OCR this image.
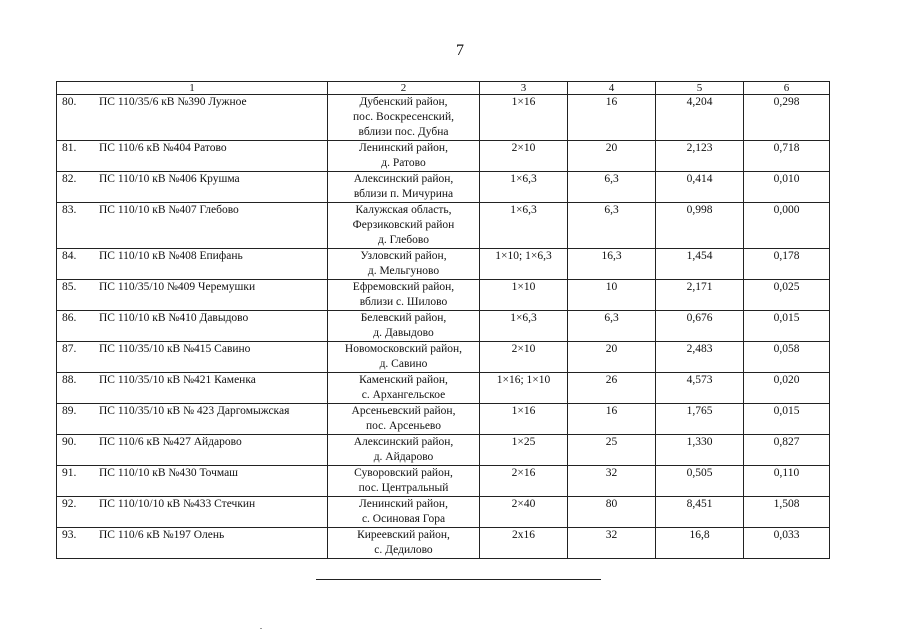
7
1	2	3	4	5	6
80. ПС 110/35/6 кВ №390 Лужное	Дубенский район,
пос. Воскресенский,
вблизи пос. Дубна	1×16	16	4,204	0,298
81. ПС 110/6 кВ №404 Ратово	Ленинский район,
д. Ратово	2×10	20	2,123	0,718
82. ПС 110/10 кВ №406 Крушма	Алексинский район,
вблизи п. Мичурина	1×6,3	6,3	0,414	0,010
83. ПС 110/10 кВ №407 Глебово	Калужская область,
Ферзиковский район
д. Глебово	1×6,3	6,3	0,998	0,000
84. ПС 110/10 кВ №408 Епифань	Узловский район,
д. Мельгуново	1×10; 1×6,3	16,3	1,454	0,178
85. ПС 110/35/10 №409 Черемушки	Ефремовский район,
вблизи с. Шилово	1×10	10	2,171	0,025
86. ПС 110/10 кВ №410 Давыдово	Белевский район,
д. Давыдово	1×6,3	6,3	0,676	0,015
87. ПС 110/35/10 кВ №415 Савино	Новомосковский район,
д. Савино	2×10	20	2,483	0,058
88. ПС 110/35/10 кВ №421 Каменка	Каменский район,
с. Архангельское	1×16; 1×10	26	4,573	0,020
89. ПС 110/35/10 кВ № 423 Даргомыжская	Арсеньевский район,
пос. Арсеньево	1×16	16	1,765	0,015
90. ПС 110/6 кВ №427 Айдарово	Алексинский район,
д. Айдарово	1×25	25	1,330	0,827
91. ПС 110/10 кВ №430 Точмаш	Суворовский район,
пос. Центральный	2×16	32	0,505	0,110
92. ПС 110/10/10 кВ №433 Стечкин	Ленинский район,
с. Осиновая Гора	2×40	80	8,451	1,508
93. ПС 110/6 кВ №197 Олень	Киреевский район,
с. Дедилово	2x16	32	16,8	0,033
